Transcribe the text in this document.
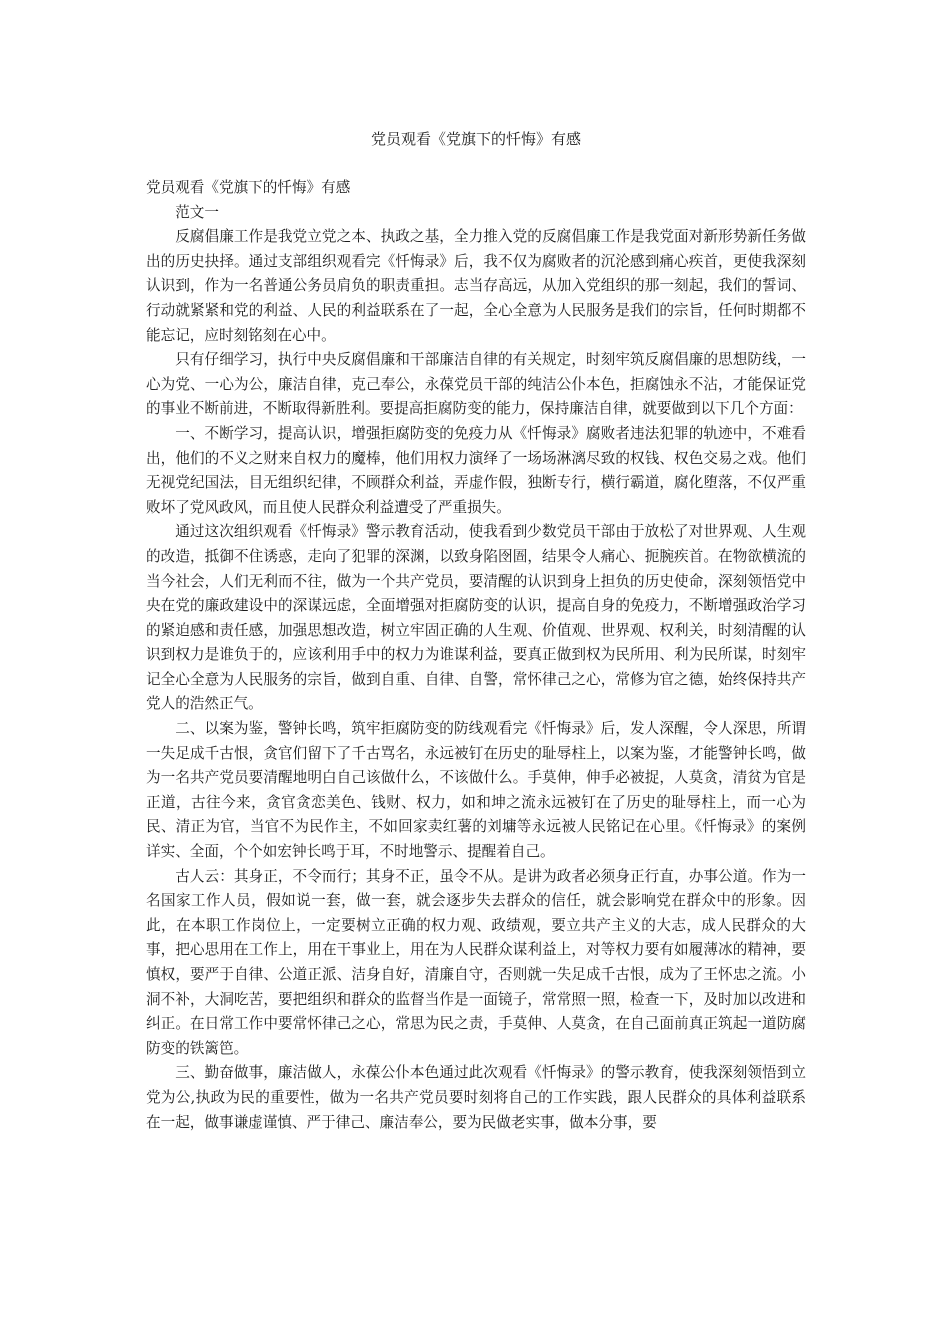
党员观看《党旗下的忏悔》有感

党员观看《党旗下的忏悔》有感

范文一

反腐倡廉工作是我党立党之本、执政之基，全力推入党的反腐倡廉工作是我党面对新形势新任务做出的历史抉择。通过支部组织观看完《忏悔录》后，我不仅为腐败者的沉沦感到痛心疾首，更使我深刻认识到，作为一名普通公务员肩负的职责重担。志当存高远，从加入党组织的那一刻起，我们的誓词、行动就紧紧和党的利益、人民的利益联系在了一起，全心全意为人民服务是我们的宗旨，任何时期都不能忘记，应时刻铭刻在心中。

只有仔细学习，执行中央反腐倡廉和干部廉洁自律的有关规定，时刻牢筑反腐倡廉的思想防线，一心为党、一心为公，廉洁自律，克己奉公，永葆党员干部的纯洁公仆本色，拒腐蚀永不沾，才能保证党的事业不断前进，不断取得新胜利。要提高拒腐防变的能力，保持廉洁自律，就要做到以下几个方面：

一、不断学习，提高认识，增强拒腐防变的免疫力从《忏悔录》腐败者违法犯罪的轨迹中，不难看出，他们的不义之财来自权力的魔棒，他们用权力演绎了一场场淋漓尽致的权钱、权色交易之戏。他们无视党纪国法，目无组织纪律，不顾群众利益，弄虚作假，独断专行，横行霸道，腐化堕落，不仅严重败坏了党风政风，而且使人民群众利益遭受了严重损失。

通过这次组织观看《忏悔录》警示教育活动，使我看到少数党员干部由于放松了对世界观、人生观的改造，抵御不住诱惑，走向了犯罪的深渊，以致身陷囹圄，结果令人痛心、扼腕疾首。在物欲横流的当今社会，人们无利而不往，做为一个共产党员，要清醒的认识到身上担负的历史使命，深刻领悟党中央在党的廉政建设中的深谋远虑，全面增强对拒腐防变的认识，提高自身的免疫力，不断增强政治学习的紧迫感和责任感，加强思想改造，树立牢固正确的人生观、价值观、世界观、权利关，时刻清醒的认识到权力是谁负于的，应该利用手中的权力为谁谋利益，要真正做到权为民所用、利为民所谋，时刻牢记全心全意为人民服务的宗旨，做到自重、自律、自警，常怀律己之心，常修为官之德，始终保持共产党人的浩然正气。

二、以案为鉴，警钟长鸣，筑牢拒腐防变的防线观看完《忏悔录》后，发人深醒，令人深思，所谓一失足成千古恨，贪官们留下了千古骂名，永远被钉在历史的耻辱柱上，以案为鉴，才能警钟长鸣，做为一名共产党员要清醒地明白自己该做什么，不该做什么。手莫伸，伸手必被捉，人莫贪，清贫为官是正道，古往今来，贪官贪恋美色、钱财、权力，如和坤之流永远被钉在了历史的耻辱柱上，而一心为民、清正为官，当官不为民作主，不如回家卖红薯的刘墉等永远被人民铭记在心里。《忏悔录》的案例详实、全面，个个如宏钟长鸣于耳，不时地警示、提醒着自己。

古人云：其身正，不令而行；其身不正，虽令不从。是讲为政者必须身正行直，办事公道。作为一名国家工作人员，假如说一套，做一套，就会逐步失去群众的信任，就会影响党在群众中的形象。因此，在本职工作岗位上，一定要树立正确的权力观、政绩观，要立共产主义的大志，成人民群众的大事，把心思用在工作上，用在干事业上，用在为人民群众谋利益上，对等权力要有如履薄冰的精神，要慎权，要严于自律、公道正派、洁身自好，清廉自守，否则就一失足成千古恨，成为了王怀忠之流。小洞不补，大洞吃苦，要把组织和群众的监督当作是一面镜子，常常照一照，检查一下，及时加以改进和纠正。在日常工作中要常怀律己之心，常思为民之责，手莫伸、人莫贪，在自己面前真正筑起一道防腐防变的铁篱笆。

三、勤奋做事，廉洁做人，永葆公仆本色通过此次观看《忏悔录》的警示教育，使我深刻领悟到立党为公,执政为民的重要性，做为一名共产党员要时刻将自己的工作实践，跟人民群众的具体利益联系在一起，做事谦虚谨慎、严于律己、廉洁奉公，要为民做老实事，做本分事，要
